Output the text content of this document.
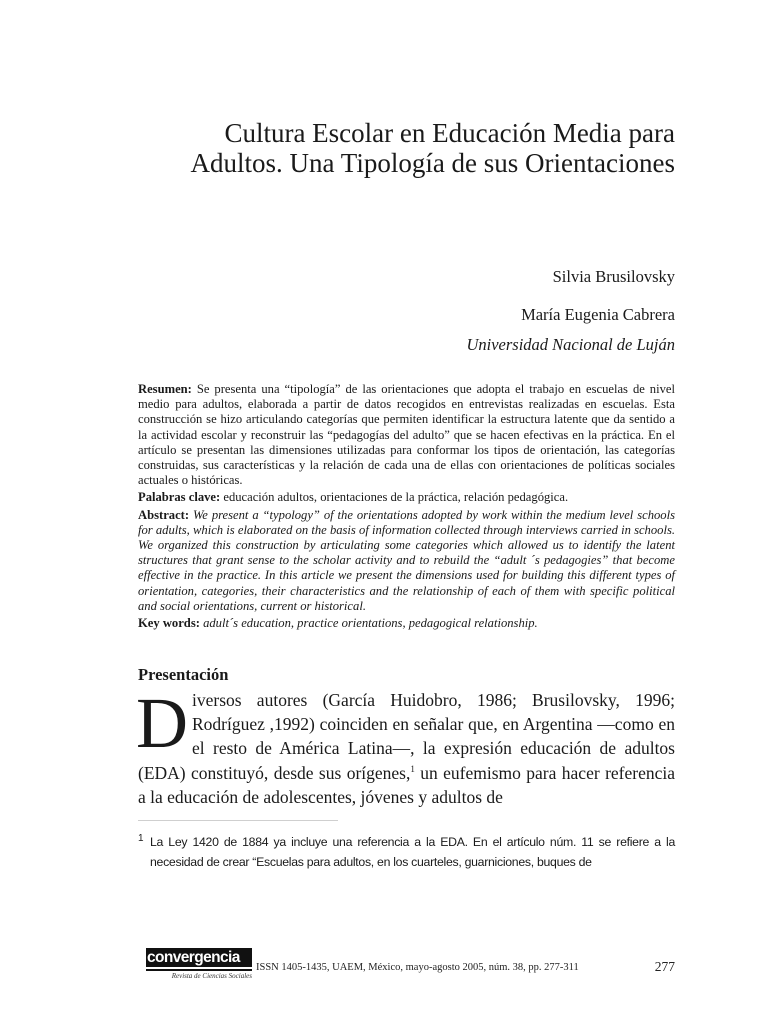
Cultura Escolar en Educación Media para Adultos. Una Tipología de sus Orientaciones
Silvia Brusilovsky
María Eugenia Cabrera
Universidad Nacional de Luján

Resumen: Se presenta una “tipología” de las orientaciones que adopta el trabajo en escuelas de nivel medio para adultos, elaborada a partir de datos recogidos en entrevistas realizadas en escuelas. Esta construcción se hizo articulando categorías que permiten identificar la estructura latente que da sentido a la actividad escolar y reconstruir las “pedagogías del adulto” que se hacen efectivas en la práctica. En el artículo se presentan las dimensiones utilizadas para conformar los tipos de orientación, las categorías construidas, sus características y la relación de cada una de ellas con orientaciones de políticas sociales actuales o históricas.

Palabras clave: educación adultos, orientaciones de la práctica, relación pedagógica.

Abstract: We present a “typology” of the orientations adopted by work within the medium level schools for adults, which is elaborated on the basis of information collected through interviews carried in schools. We organized this construction by articulating some categories which allowed us to identify the latent structures that grant sense to the scholar activity and to rebuild the “adult ´s pedagogies” that become effective in the practice. In this article we present the dimensions used for building this different types of orientation, categories, their characteristics and the relationship of each of them with specific political and social orientations, current or historical.

Key words: adult´s education, practice orientations, pedagogical relationship.

Presentación

Diversos autores (García Huidobro, 1986; Brusilovsky, 1996; Rodríguez ,1992) coinciden en señalar que, en Argentina —como en el resto de América Latina—, la expresión educación de adultos (EDA) constituyó, desde sus orígenes,$^1$ un eufemismo para hacer referencia a la educación de adolescentes, jóvenes y adultos de

1 La Ley 1420 de 1884 ya incluye una referencia a la EDA. En el artículo núm. 11 se refiere a la necesidad de crear “Escuelas para adultos, en los cuarteles, guarniciones, buques de
convergencia
Revista de Ciencias Sociales
ISSN 1405-1435, UAEM, México, mayo-agosto 2005, núm. 38, pp. 277-311	277
